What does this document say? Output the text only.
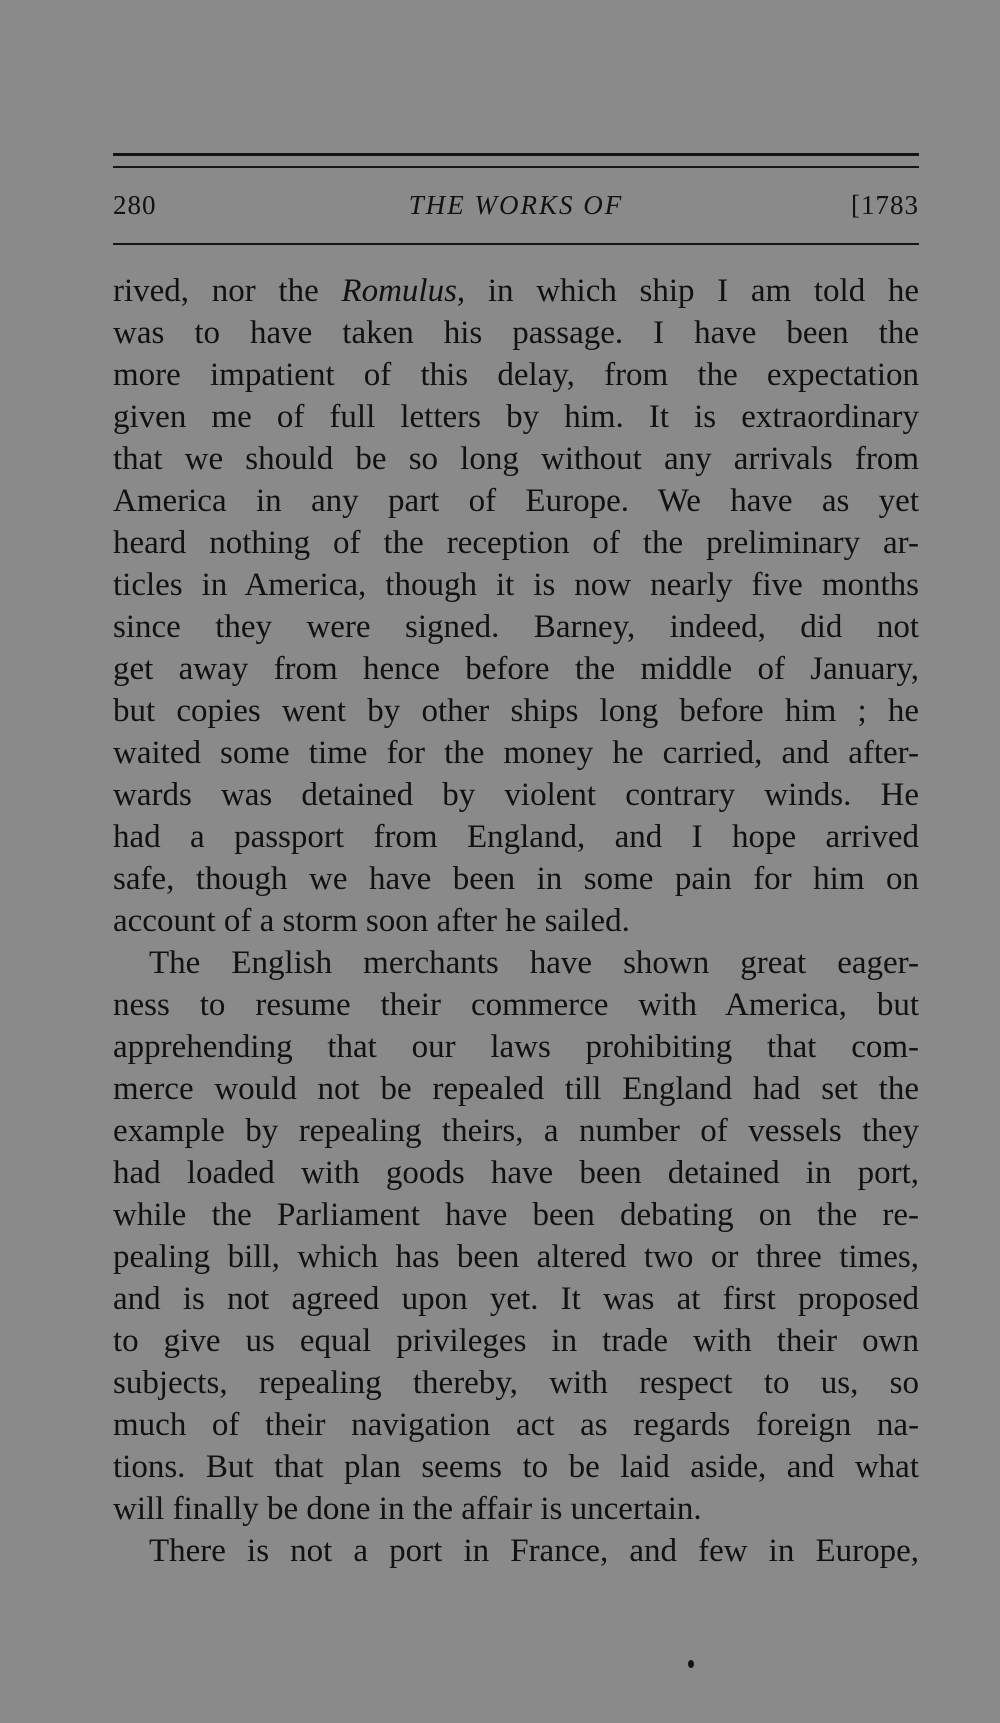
280	THE WORKS OF	[1783
rived, nor the Romulus, in which ship I am told he
was to have taken his passage. I have been the
more impatient of this delay, from the expectation
given me of full letters by him. It is extraordinary
that we should be so long without any arrivals from
America in any part of Europe. We have as yet
heard nothing of the reception of the preliminary ar-
ticles in America, though it is now nearly five months
since they were signed. Barney, indeed, did not
get away from hence before the middle of January,
but copies went by other ships long before him ; he
waited some time for the money he carried, and after-
wards was detained by violent contrary winds. He
had a passport from England, and I hope arrived
safe, though we have been in some pain for him on
account of a storm soon after he sailed.
The English merchants have shown great eager-
ness to resume their commerce with America, but
apprehending that our laws prohibiting that com-
merce would not be repealed till England had set the
example by repealing theirs, a number of vessels they
had loaded with goods have been detained in port,
while the Parliament have been debating on the re-
pealing bill, which has been altered two or three times,
and is not agreed upon yet. It was at first proposed
to give us equal privileges in trade with their own
subjects, repealing thereby, with respect to us, so
much of their navigation act as regards foreign na-
tions. But that plan seems to be laid aside, and what
will finally be done in the affair is uncertain.
There is not a port in France, and few in Europe,
